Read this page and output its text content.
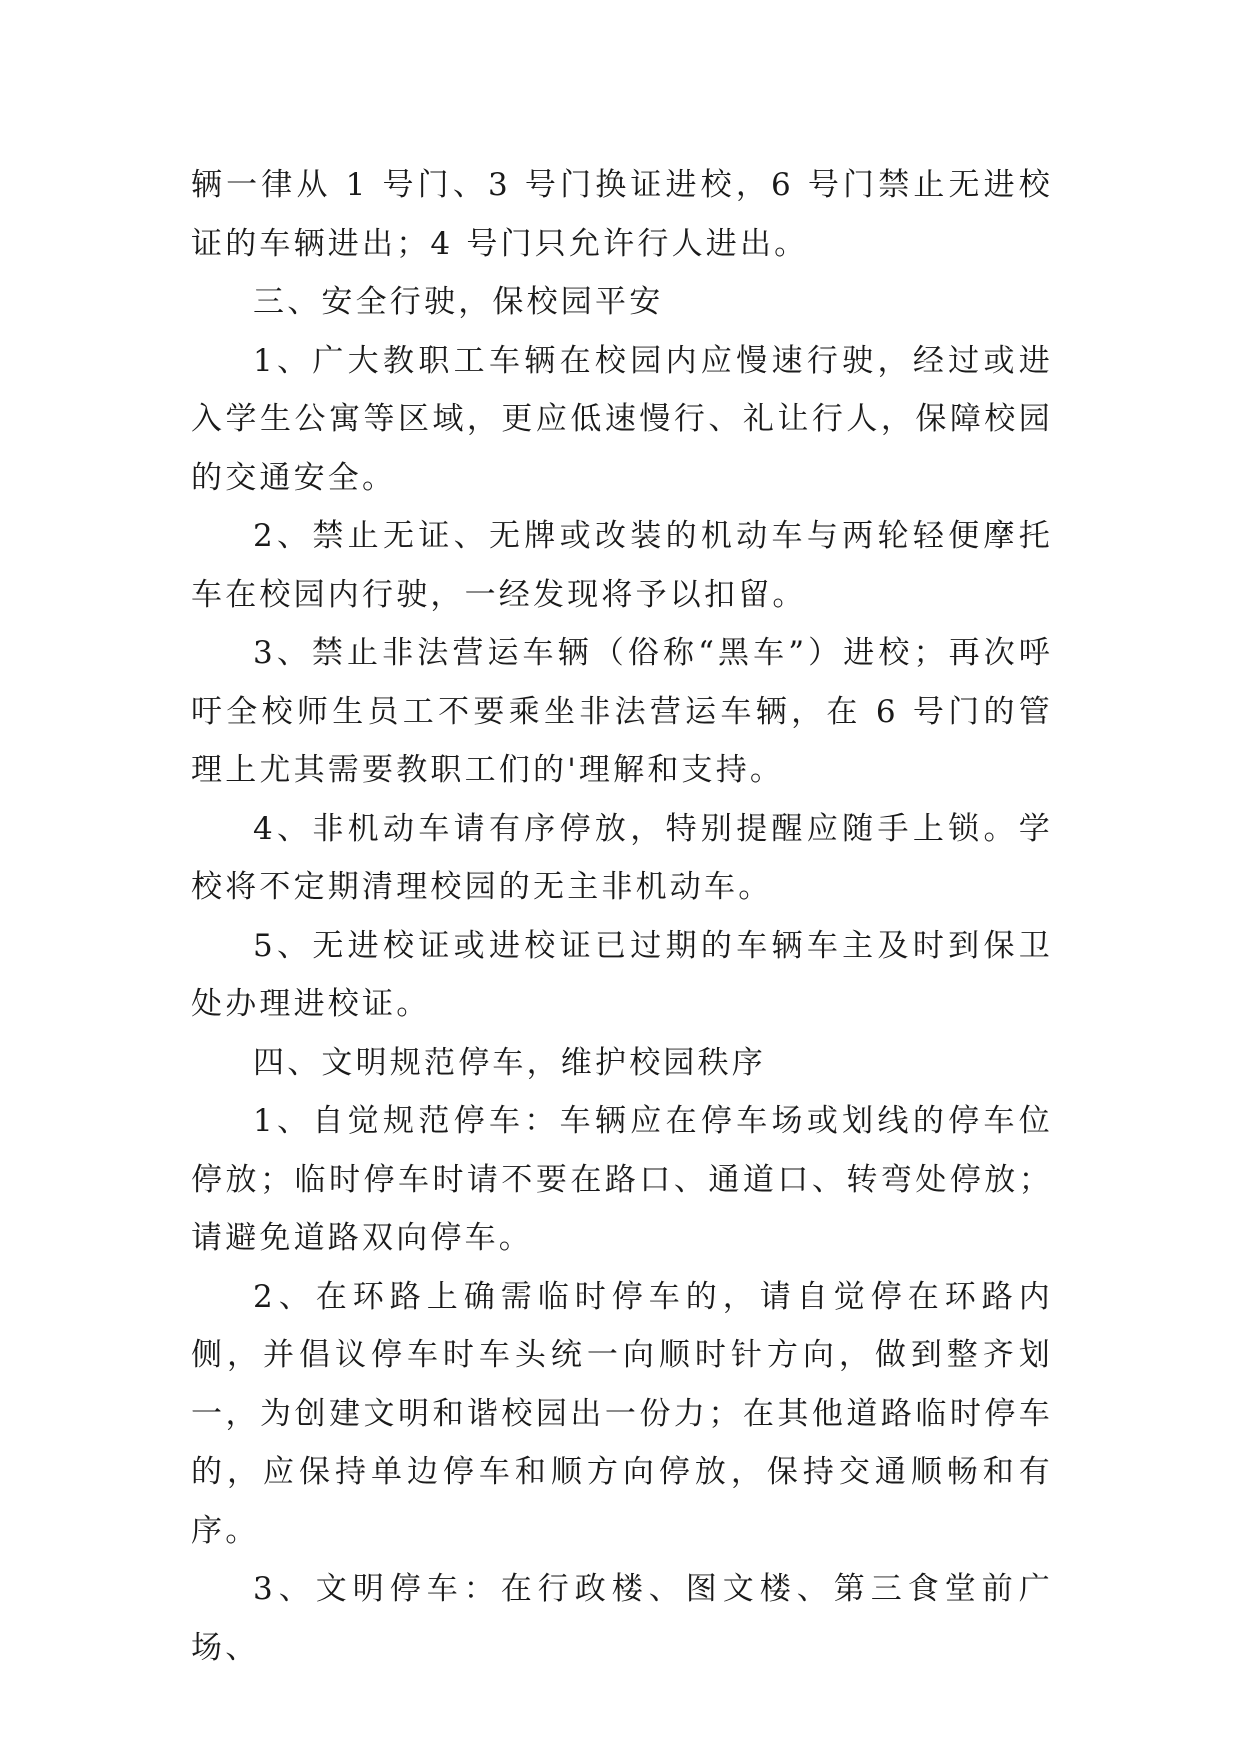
辆一律从 1 号门、3 号门换证进校，6 号门禁止无进校证的车辆进出；4 号门只允许行人进出。

三、安全行驶，保校园平安

1、广大教职工车辆在校园内应慢速行驶，经过或进入学生公寓等区域，更应低速慢行、礼让行人，保障校园的交通安全。

2、禁止无证、无牌或改装的机动车与两轮轻便摩托车在校园内行驶，一经发现将予以扣留。

3、禁止非法营运车辆（俗称“黑车”）进校；再次呼吁全校师生员工不要乘坐非法营运车辆，在 6 号门的管理上尤其需要教职工们的'理解和支持。

4、非机动车请有序停放，特别提醒应随手上锁。学校将不定期清理校园的无主非机动车。

5、无进校证或进校证已过期的车辆车主及时到保卫处办理进校证。

四、文明规范停车，维护校园秩序

1、自觉规范停车：车辆应在停车场或划线的停车位停放；临时停车时请不要在路口、通道口、转弯处停放；请避免道路双向停车。

2、在环路上确需临时停车的，请自觉停在环路内侧，并倡议停车时车头统一向顺时针方向，做到整齐划一，为创建文明和谐校园出一份力；在其他道路临时停车的，应保持单边停车和顺方向停放，保持交通顺畅和有序。

3、文明停车：在行政楼、图文楼、第三食堂前广场、
